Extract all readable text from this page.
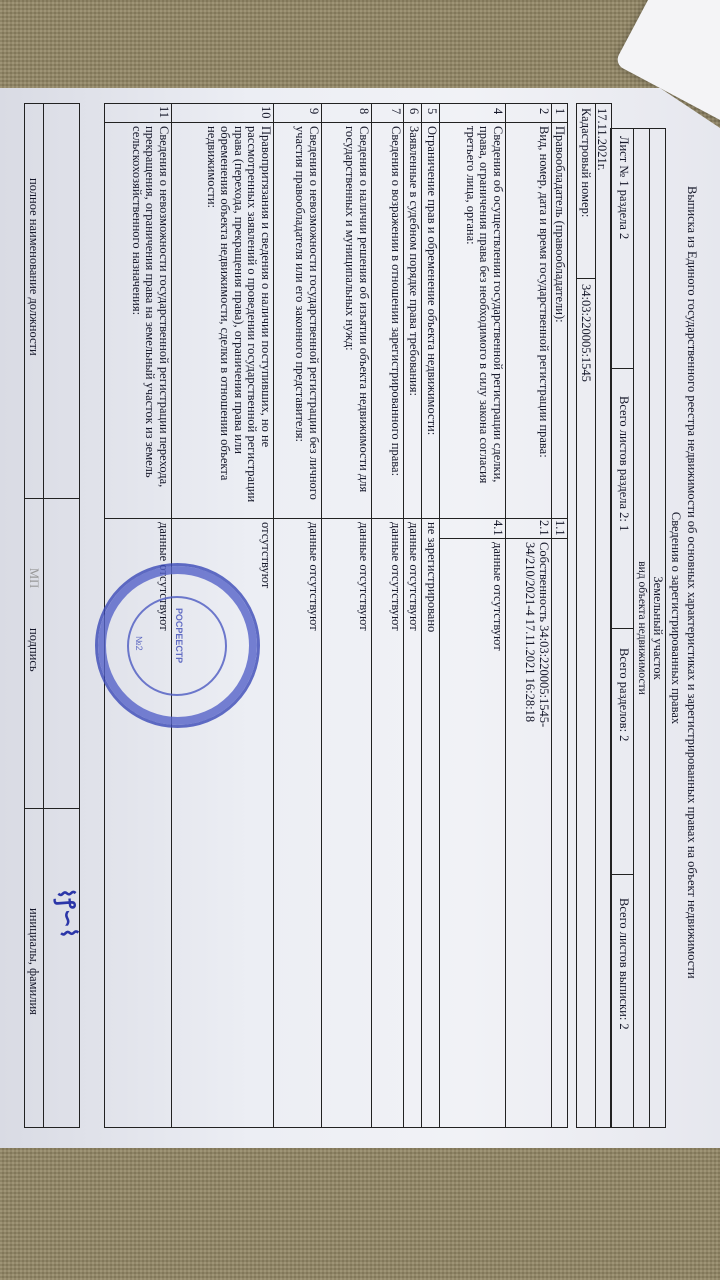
Выписка из Единого государственного реестра недвижимости об основных характеристиках и зарегистрированных правах на объект недвижимости
Сведения о зарегистрированных правах
Земельный участок
вид объекта недвижимости
Лист № 1 раздела 2
Всего листов раздела 2: 1
Всего разделов: 2
Всего листов выписки: 2
17.11.2021г.
Кадастровый номер:
34:03:220005:1545
1
Правообладатель (правообладатели):
1.1
2
Вид, номер, дата и время государственной регистрации права:
2.1
Собственность 34:03:220005:1545-34/210/2021-4 17.11.2021 16:28:18
4
Сведения об осуществлении государственной регистрации сделки, права, ограничения права без необходимого в силу закона согласия третьего лица, органа:
4.1
данные отсутствуют
5
Ограничение прав и обременение объекта недвижимости:
не зарегистрировано
6
Заявленные в судебном порядке права требования:
данные отсутствуют
7
Сведения о возражении в отношении зарегистрированного права:
данные отсутствуют
8
Сведения о наличии решения об изъятии объекта недвижимости для государственных и муниципальных нужд:
данные отсутствуют
9
Сведения о невозможности государственной регистрации без личного участия правообладателя или его законного представителя:
данные отсутствуют
10
Правопритязания и сведения о наличии поступивших, но не рассмотренных заявлений о проведении государственной регистрации права (перехода, прекращения права), ограничения права или обременения объекта недвижимости, сделки в отношении объекта недвижимости:
отсутствуют
11
Сведения о невозможности государственной регистрации перехода, прекращения, ограничения права на земельный участок из земель сельскохозяйственного назначения:
данные отсутствуют
полное наименование должности
подпись
МП
инициалы, фамилия
РОСРЕЕСТР
№2
⌇ꝭ∽⌇
